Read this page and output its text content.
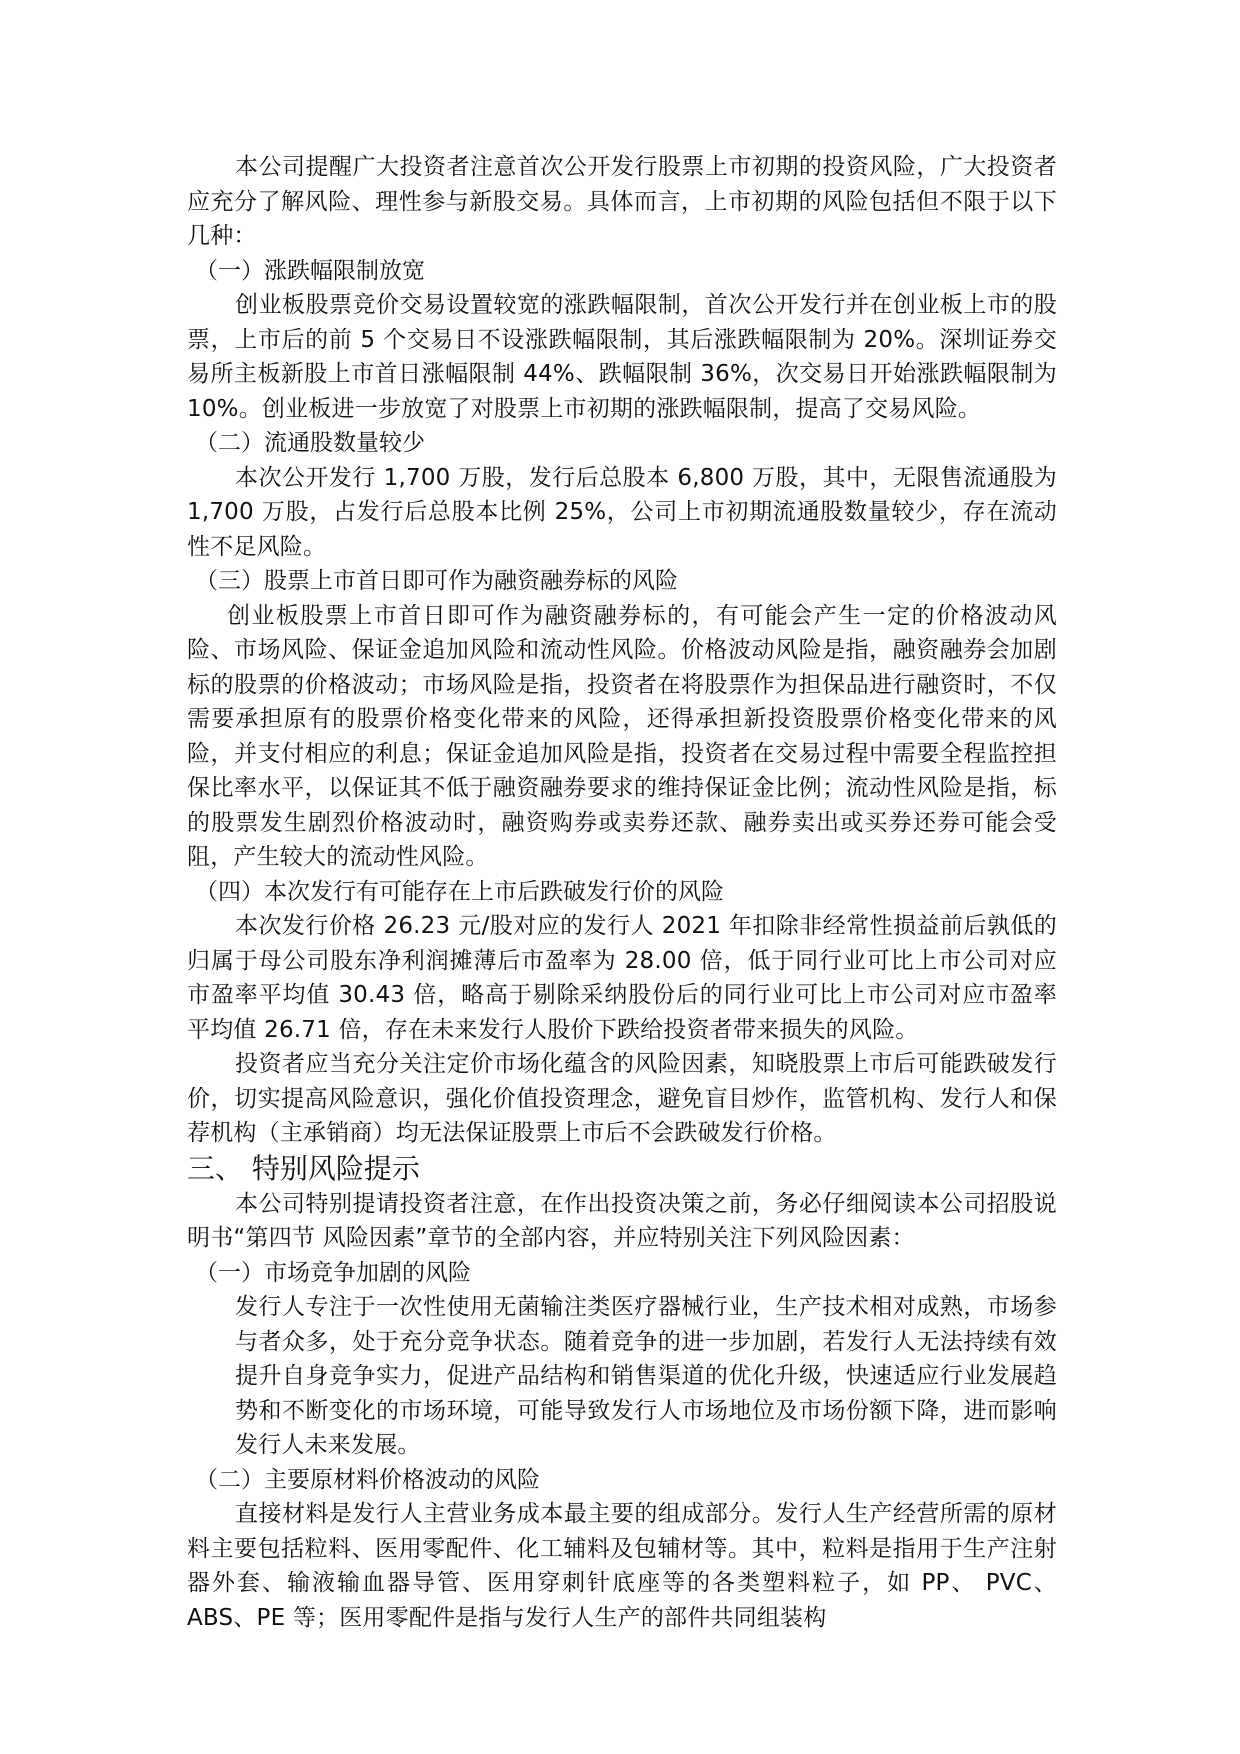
本公司提醒广大投资者注意首次公开发行股票上市初期的投资风险，广大投资者应充分了解风险、理性参与新股交易。具体而言，上市初期的风险包括但不限于以下几种：

（一）涨跌幅限制放宽

创业板股票竞价交易设置较宽的涨跌幅限制，首次公开发行并在创业板上市的股票，上市后的前 5 个交易日不设涨跌幅限制，其后涨跌幅限制为 20%。深圳证券交易所主板新股上市首日涨幅限制 44%、跌幅限制 36%，次交易日开始涨跌幅限制为 10%。创业板进一步放宽了对股票上市初期的涨跌幅限制，提高了交易风险。

（二）流通股数量较少

本次公开发行 1,700 万股，发行后总股本 6,800 万股，其中，无限售流通股为 1,700 万股，占发行后总股本比例 25%，公司上市初期流通股数量较少，存在流动性不足风险。

（三）股票上市首日即可作为融资融券标的风险

创业板股票上市首日即可作为融资融券标的，有可能会产生一定的价格波动风险、市场风险、保证金追加风险和流动性风险。价格波动风险是指，融资融券会加剧标的股票的价格波动；市场风险是指，投资者在将股票作为担保品进行融资时，不仅需要承担原有的股票价格变化带来的风险，还得承担新投资股票价格变化带来的风险，并支付相应的利息；保证金追加风险是指，投资者在交易过程中需要全程监控担保比率水平，以保证其不低于融资融券要求的维持保证金比例；流动性风险是指，标的股票发生剧烈价格波动时，融资购券或卖券还款、融券卖出或买券还券可能会受阻，产生较大的流动性风险。

（四）本次发行有可能存在上市后跌破发行价的风险

本次发行价格 26.23 元/股对应的发行人 2021 年扣除非经常性损益前后孰低的归属于母公司股东净利润摊薄后市盈率为 28.00 倍，低于同行业可比上市公司对应市盈率平均值 30.43 倍，略高于剔除采纳股份后的同行业可比上市公司对应市盈率平均值 26.71 倍，存在未来发行人股价下跌给投资者带来损失的风险。

投资者应当充分关注定价市场化蕴含的风险因素，知晓股票上市后可能跌破发行价，切实提高风险意识，强化价值投资理念，避免盲目炒作，监管机构、发行人和保荐机构（主承销商）均无法保证股票上市后不会跌破发行价格。

三、 特别风险提示

本公司特别提请投资者注意，在作出投资决策之前，务必仔细阅读本公司招股说明书“第四节 风险因素”章节的全部内容，并应特别关注下列风险因素：

（一）市场竞争加剧的风险

发行人专注于一次性使用无菌输注类医疗器械行业，生产技术相对成熟，市场参与者众多，处于充分竞争状态。随着竞争的进一步加剧，若发行人无法持续有效提升自身竞争实力，促进产品结构和销售渠道的优化升级，快速适应行业发展趋势和不断变化的市场环境，可能导致发行人市场地位及市场份额下降，进而影响发行人未来发展。

（二）主要原材料价格波动的风险

直接材料是发行人主营业务成本最主要的组成部分。发行人生产经营所需的原材料主要包括粒料、医用零配件、化工辅料及包辅材等。其中，粒料是指用于生产注射器外套、输液输血器导管、医用穿刺针底座等的各类塑料粒子，如 PP、 PVC、ABS、PE 等；医用零配件是指与发行人生产的部件共同组装构
